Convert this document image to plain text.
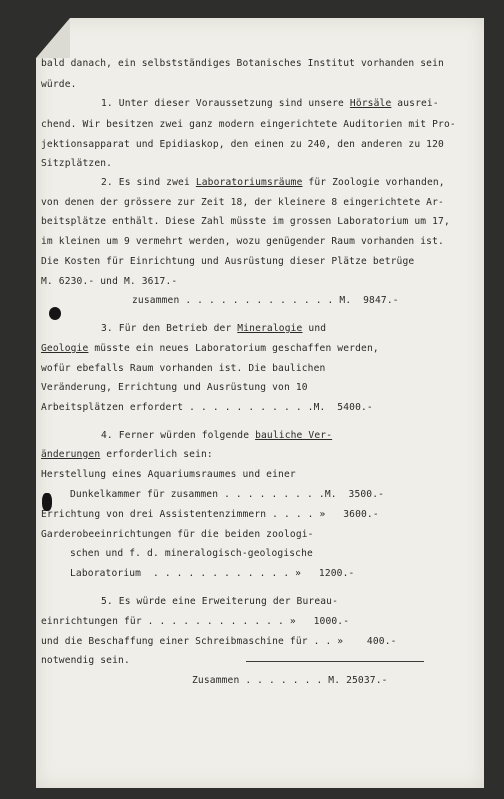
bald danach, ein selbstständiges Botanisches Institut vorhanden sein
würde.
1. Unter dieser Voraussetzung sind unsere Hörsäle ausrei-
chend. Wir besitzen zwei ganz modern eingerichtete Auditorien mit Pro-
jektionsapparat und Epidiaskop, den einen zu 240, den anderen zu 120
Sitzplätzen.
2. Es sind zwei Laboratoriumsräume für Zoologie vorhanden,
von denen der grössere zur Zeit 18, der kleinere 8 eingerichtete Ar-
beitsplätze enthält. Diese Zahl müsste im grossen Laboratorium um 17,
im kleinen um 9 vermehrt werden, wozu genügender Raum vorhanden ist.
Die Kosten für Einrichtung und Ausrüstung dieser Plätze betrüge
M. 6230.- und M. 3617.-
zusammen . . . . . . . . . . . . . M.  9847.-
3. Für den Betrieb der Mineralogie und
Geologie müsste ein neues Laboratorium geschaffen werden,
wofür ebefalls Raum vorhanden ist. Die baulichen
Veränderung, Errichtung und Ausrüstung von 10
Arbeitsplätzen erfordert . . . . . . . . . . .M.  5400.-
4. Ferner würden folgende bauliche Ver-
änderungen erforderlich sein:
Herstellung eines Aquariumsraumes und einer
Dunkelkammer für zusammen . . . . . . . . .M.  3500.-
Errichtung von drei Assistentenzimmern . . . . »   3600.-
Garderobeeinrichtungen für die beiden zoologi-
schen und f. d. mineralogisch-geologische
Laboratorium  . . . . . . . . . . . . »   1200.-
5. Es würde eine Erweiterung der Bureau-
einrichtungen für . . . . . . . . . . . . »   1000.-
und die Beschaffung einer Schreibmaschine für . . »    400.-
notwendig sein.
Zusammen . . . . . . . M. 25037.-
